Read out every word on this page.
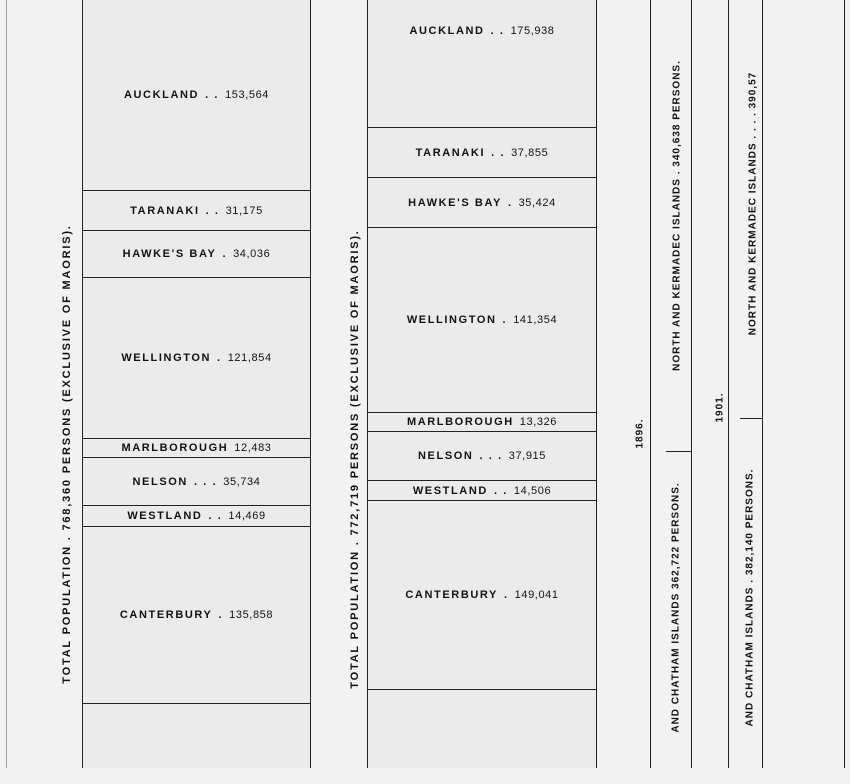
TOTAL POPULATION . 768,360 PERSONS (EXCLUSIVE OF MAORIS).
AUCKLAND . . 153,564
TARANAKI . . 31,175
HAWKE'S BAY . 34,036
WELLINGTON . 121,854
MARLBOROUGH 12,483
NELSON . . . 35,734
WESTLAND . . 14,469
CANTERBURY . 135,858	TOTAL POPULATION . 772,719 PERSONS (EXCLUSIVE OF MAORIS).
AUCKLAND . . 175,938
TARANAKI . . 37,855
HAWKE'S BAY . 35,424
WELLINGTON . 141,354
MARLBOROUGH 13,326
NELSON . . . 37,915
WESTLAND . . 14,506
CANTERBURY . 149,041
1896.
NORTH AND KERMADEC ISLANDS . 340,638 PERSONS.
AND CHATHAM ISLANDS 362,722 PERSONS.
1901.
NORTH AND KERMADEC ISLANDS . . . . 390,57
AND CHATHAM ISLANDS . 382,140 PERSONS.
